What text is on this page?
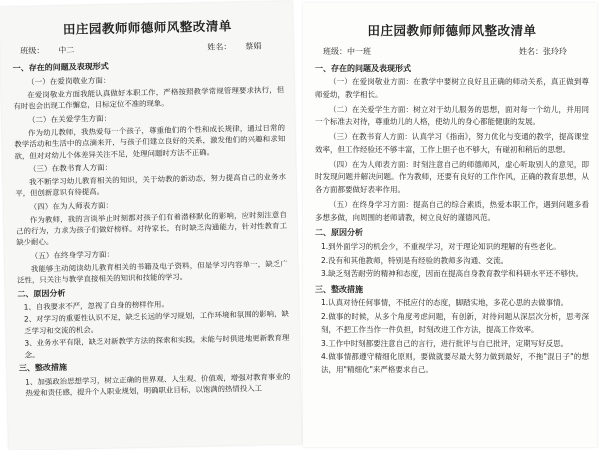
田庄园教师师德师风整改清单
班级： 中二	姓名： 蔡娟
一、存在的问题及表现形式
（一）在爱岗敬业方面：
在爱岗敬业方面我能认真做好本职工作，严格按照教学常规管理要求执行，但有时也会出现工作懈怠，目标定位不准的现象。
（二）在关爱学生方面：
作为幼儿教师，我热爱每一个孩子，尊重他们的个性和成长规律，通过日常的教学活动和生活中的点滴来开，与孩子们建立良好的关系，激发他们的兴趣和求知欲，但对对幼儿个体差异关注不足，处理问题时方法不正确。
（三）在教书育人方面：
我不断学习幼儿教育相关的知识，关于幼教的新动态，努力提高自己的业务水平，但创新意识有待提高。
（四）在为人师表方面：
作为教师，我的言谈举止时刻都对孩子们有着潜移默化的影响，应时刻注意自己的行为，力求为孩子们做好榜样。对待家长，有时缺乏沟通能力，针对性教育工缺少耐心。
（五）在终身学习方面：
我能够主动阅读幼儿教育相关的书籍及电子资料，但是学习内容单一，缺乏广泛性，只关注与教学直接相关的知识和技能的学习。
二、原因分析
1、自我要求不严，忽视了自身的榜样作用。
2、对学习的重要性认识不足，缺乏长远的学习规划，工作环境和氛围的影响，缺乏学习和交流的机会。
3、业务水平有限，缺乏对新教学方法的探索和实践，未能与时俱进地更新教育理念。
三、整改措施
1、加强政治思想学习，树立正确的世界观、人生观、价值观，增强对教育事业的热爱和责任感，提升个人职业规划，明确职业目标，以饱满的热情投入工
田庄园教师师德师风整改清单
班级：中一班	姓名：张玲玲
一、存在的问题及表现形式
（一）在爱岗敬业方面：在教学中要树立良好且正确的师动关系，真正做到尊师爱幼，教学相长。
（二）在关爱学生方面：树立对于幼儿服务的思想，面对每一个幼儿，并用同一个标准去对待，尊重幼儿的人格，使幼儿的身心都能健康的发展。
（三）在教书育人方面：认真学习《指南》，努力优化与变通的教学，提高课堂效率，但工作经验还不够丰富，工作上胆子也不够大，有碰初和稍后的思想。
（四）在为人师表方面：时刻注意自己的师德师风，虚心听取别人的意见，即时发现问题并解决问题。作为教师，还要有良好的工作作风，正确的教育思想，从各方面都要做好表率作用。
（五）在终身学习方面：提高自己的综合素质，热爱本职工作，遇到问题多看多想多做，向周围的老师请教，树立良好的谨德风范。
二、原因分析
1.到外面学习的机会少，不重视学习，对于理论知识的理解的有些老化。
2.没有和其他教师，特别是有经验的教师多沟通、交流。
3.缺乏刻苦耐劳的精神和态度，因而在提高自身教育教学和科研水平还不够快。
三、整改措施
1.认真对待任何事情，不抵应付的态度，脚踏实地，多花心思的去做事情。
2.做事的时候，从多个角度考虑问题，有创新，对待问题从深层次分析，思考深刻，不把工作当作一件负担，时刻改进工作方法，提高工作效率。
3.工作中时刻都要注意自己的言行，进行批评与自已批评，定期写好反思。
4.做事情都遵守精细化原则，要做就要尽最大努力做到最好，不拖"混日子"的想法，用"精细化"来严格要求自己。
